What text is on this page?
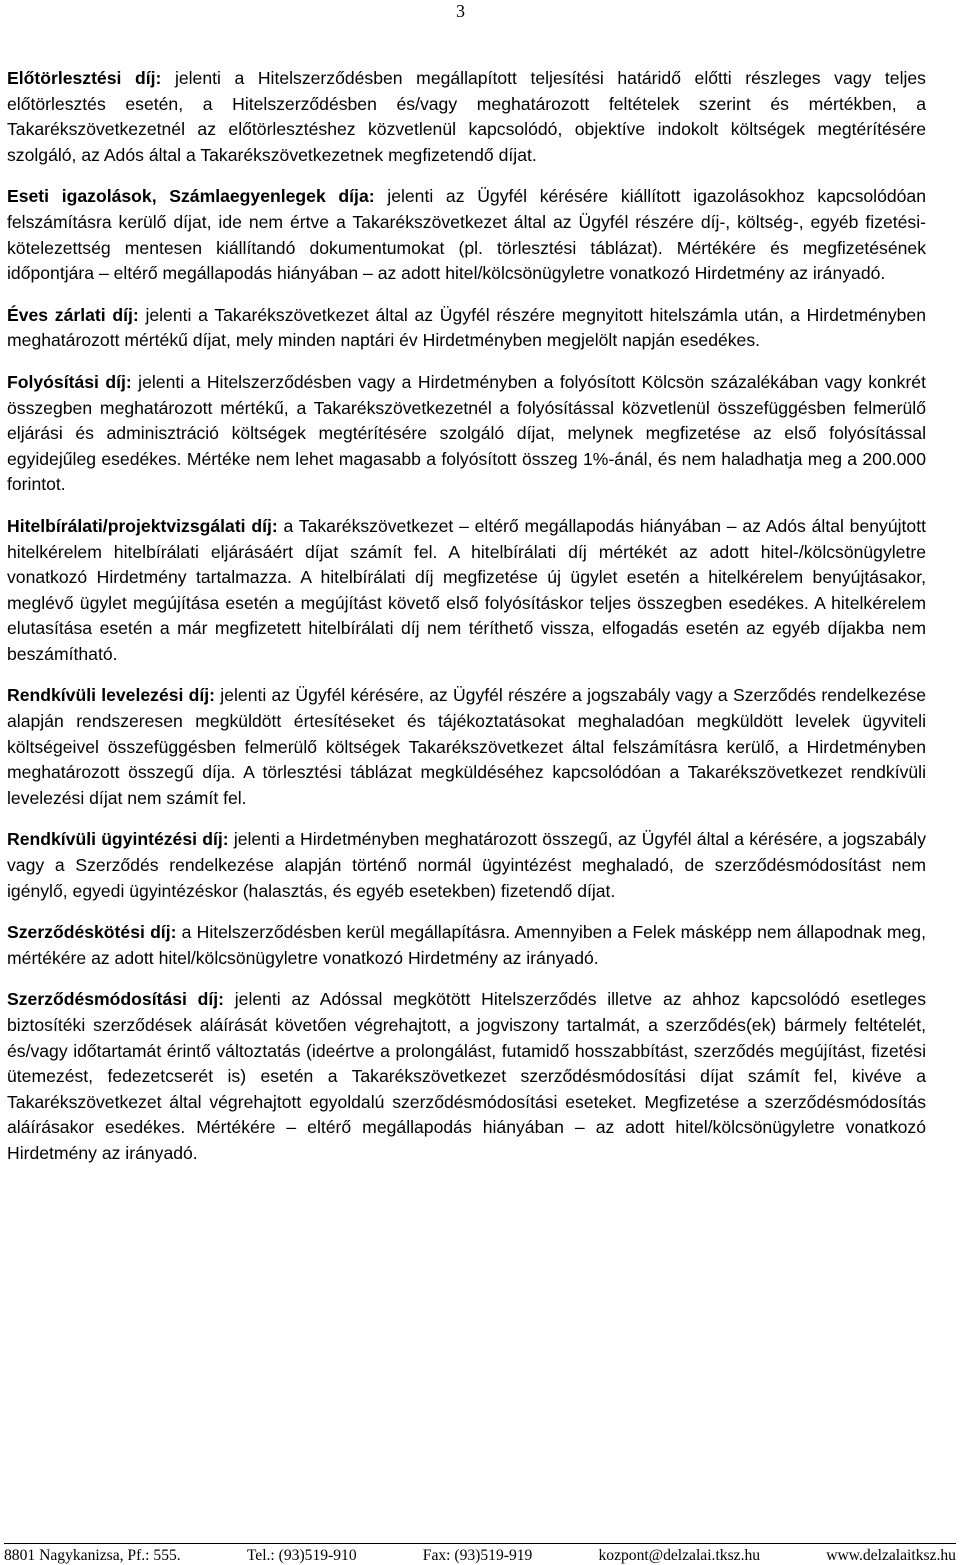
3

Előtörlesztési díj: jelenti a Hitelszerződésben megállapított teljesítési határidő előtti részleges vagy teljes előtörlesztés esetén, a Hitelszerződésben és/vagy meghatározott feltételek szerint és mértékben, a Takarékszövetkezetnél az előtörlesztéshez közvetlenül kapcsolódó, objektíve indokolt költségek megtérítésére szolgáló, az Adós által a Takarékszövetkezetnek megfizetendő díjat.

Eseti igazolások, Számlaegyenlegek díja: jelenti az Ügyfél kérésére kiállított igazolásokhoz kapcsolódóan felszámításra kerülő díjat, ide nem értve a Takarékszövetkezet által az Ügyfél részére díj-, költség-, egyéb fizetési-kötelezettség mentesen kiállítandó dokumentumokat (pl. törlesztési táblázat). Mértékére és megfizetésének időpontjára – eltérő megállapodás hiányában – az adott hitel/kölcsönügyletre vonatkozó Hirdetmény az irányadó.

Éves zárlati díj: jelenti a Takarékszövetkezet által az Ügyfél részére megnyitott hitelszámla után, a Hirdetményben meghatározott mértékű díjat, mely minden naptári év Hirdetményben megjelölt napján esedékes.

Folyósítási díj: jelenti a Hitelszerződésben vagy a Hirdetményben a folyósított Kölcsön százalékában vagy konkrét összegben meghatározott mértékű, a Takarékszövetkezetnél a folyósítással közvetlenül összefüggésben felmerülő eljárási és adminisztráció költségek megtérítésére szolgáló díjat, melynek megfizetése az első folyósítással egyidejűleg esedékes. Mértéke nem lehet magasabb a folyósított összeg 1%-ánál, és nem haladhatja meg a 200.000 forintot.

Hitelbírálati/projektvizsgálati díj: a Takarékszövetkezet – eltérő megállapodás hiányában – az Adós által benyújtott hitelkérelem hitelbírálati eljárásáért díjat számít fel. A hitelbírálati díj mértékét az adott hitel-/kölcsönügyletre vonatkozó Hirdetmény tartalmazza. A hitelbírálati díj megfizetése új ügylet esetén a hitelkérelem benyújtásakor, meglévő ügylet megújítása esetén a megújítást követő első folyósításkor teljes összegben esedékes. A hitelkérelem elutasítása esetén a már megfizetett hitelbírálati díj nem téríthető vissza, elfogadás esetén az egyéb díjakba nem beszámítható.

Rendkívüli levelezési díj: jelenti az Ügyfél kérésére, az Ügyfél részére a jogszabály vagy a Szerződés rendelkezése alapján rendszeresen megküldött értesítéseket és tájékoztatásokat meghaladóan megküldött levelek ügyviteli költségeivel összefüggésben felmerülő költségek Takarékszövetkezet által felszámításra kerülő, a Hirdetményben meghatározott összegű díja. A törlesztési táblázat megküldéséhez kapcsolódóan a Takarékszövetkezet rendkívüli levelezési díjat nem számít fel.

Rendkívüli ügyintézési díj: jelenti a Hirdetményben meghatározott összegű, az Ügyfél által a kérésére, a jogszabály vagy a Szerződés rendelkezése alapján történő normál ügyintézést meghaladó, de szerződésmódosítást nem igénylő, egyedi ügyintézéskor (halasztás, és egyéb esetekben) fizetendő díjat.

Szerződéskötési díj: a Hitelszerződésben kerül megállapításra. Amennyiben a Felek másképp nem állapodnak meg, mértékére az adott hitel/kölcsönügyletre vonatkozó Hirdetmény az irányadó.

Szerződésmódosítási díj: jelenti az Adóssal megkötött Hitelszerződés illetve az ahhoz kapcsolódó esetleges biztosítéki szerződések aláírását követően végrehajtott, a jogviszony tartalmát, a szerződés(ek) bármely feltételét, és/vagy időtartamát érintő változtatás (ideértve a prolongálást, futamidő hosszabbítást, szerződés megújítást, fizetési ütemezést, fedezetcserét is) esetén a Takarékszövetkezet szerződésmódosítási díjat számít fel, kivéve a Takarékszövetkezet által végrehajtott egyoldalú szerződésmódosítási eseteket. Megfizetése a szerződésmódosítás aláírásakor esedékes. Mértékére – eltérő megállapodás hiányában – az adott hitel/kölcsönügyletre vonatkozó Hirdetmény az irányadó.

8801 Nagykanizsa, Pf.: 555.	Tel.: (93)519-910	Fax: (93)519-919	kozpont@delzalai.tksz.hu	www.delzalaitksz.hu
